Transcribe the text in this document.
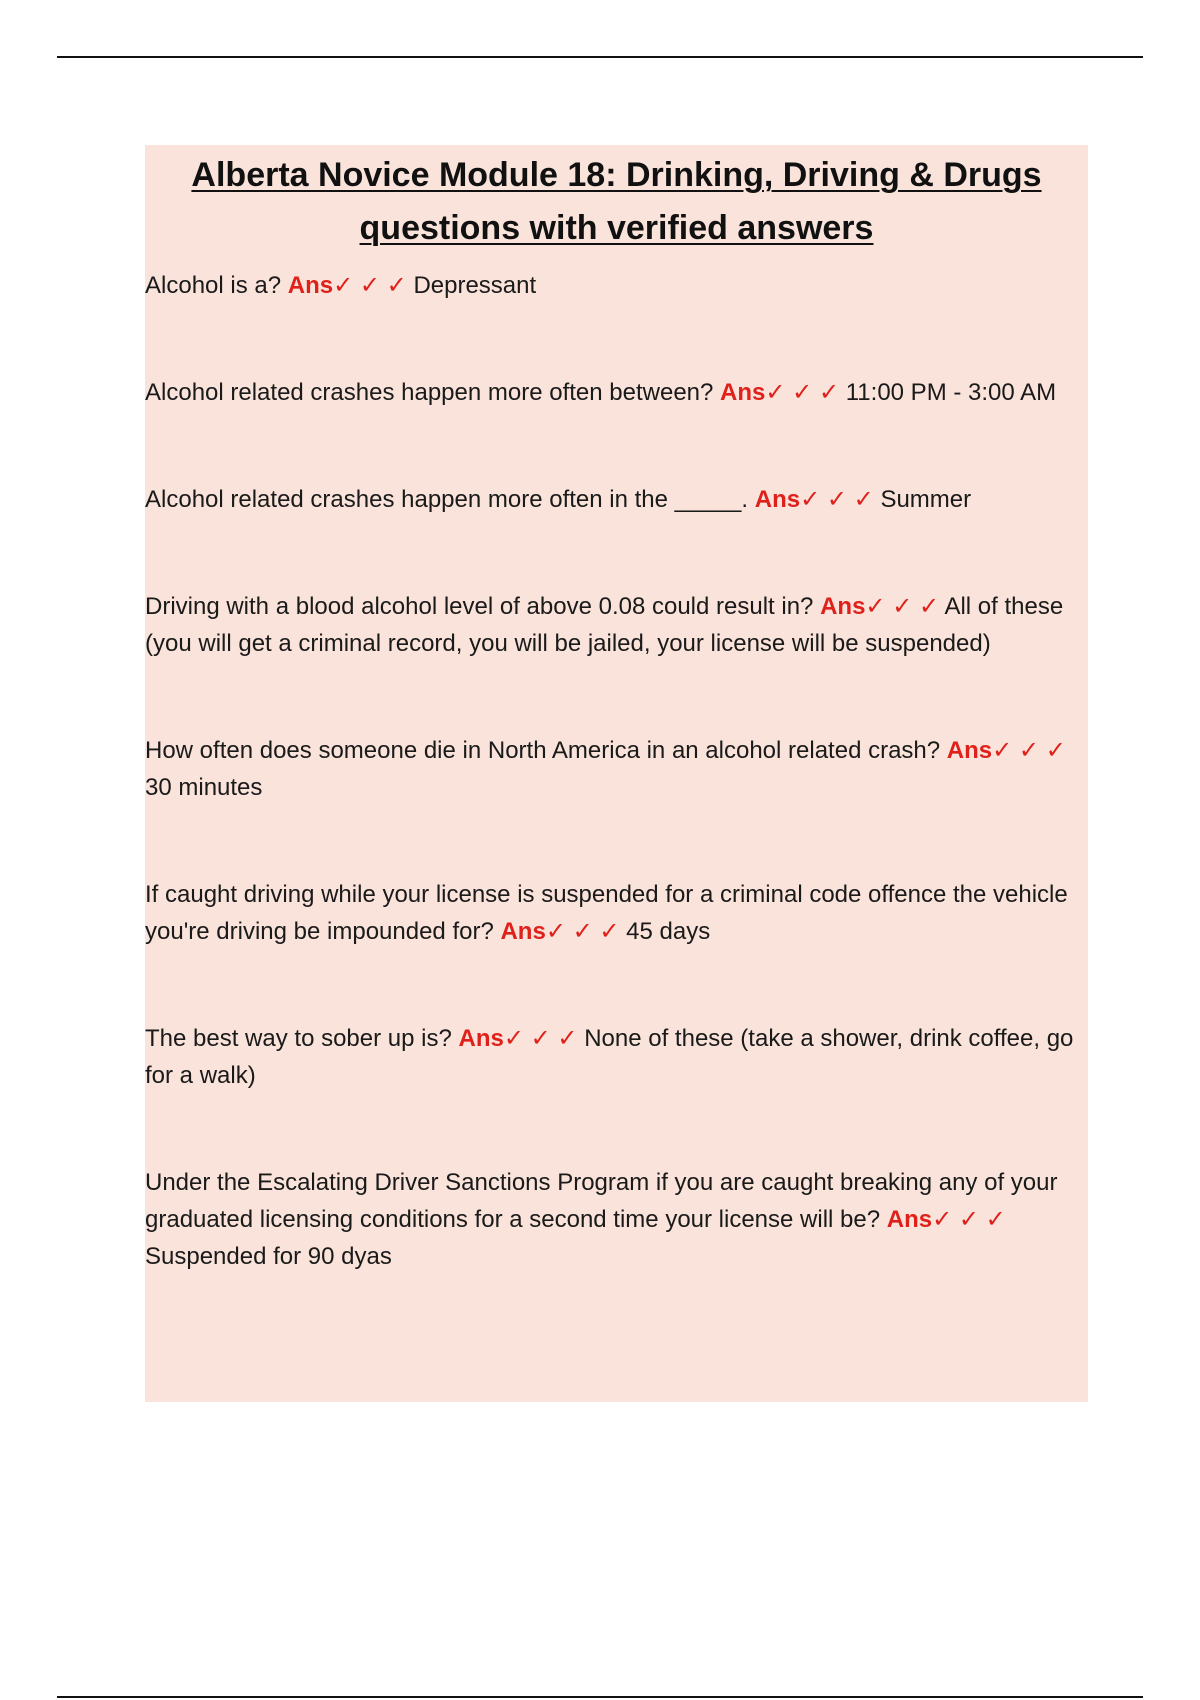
Alberta Novice Module 18: Drinking, Driving & Drugs questions with verified answers

Alcohol is a? Ans✓ ✓ ✓ Depressant

Alcohol related crashes happen more often between? Ans✓ ✓ ✓ 11:00 PM - 3:00 AM

Alcohol related crashes happen more often in the _____. Ans✓ ✓ ✓ Summer

Driving with a blood alcohol level of above 0.08 could result in? Ans✓ ✓ ✓ All of these (you will get a criminal record, you will be jailed, your license will be suspended)

How often does someone die in North America in an alcohol related crash? Ans✓ ✓ ✓ 30 minutes

If caught driving while your license is suspended for a criminal code offence the vehicle you're driving be impounded for? Ans✓ ✓ ✓ 45 days

The best way to sober up is? Ans✓ ✓ ✓ None of these (take a shower, drink coffee, go for a walk)

Under the Escalating Driver Sanctions Program if you are caught breaking any of your graduated licensing conditions for a second time your license will be? Ans✓ ✓ ✓ Suspended for 90 dyas
